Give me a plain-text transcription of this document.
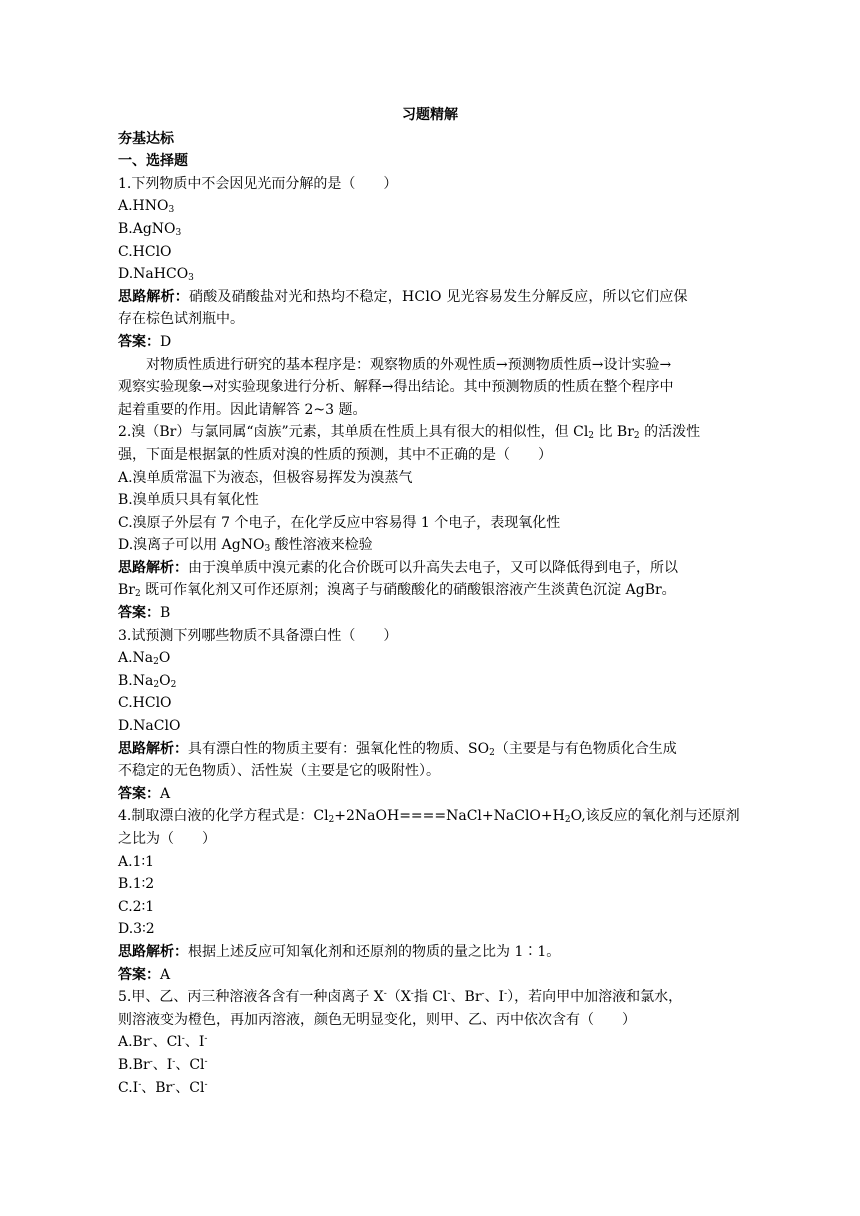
习题精解
夯基达标
一、选择题
1.下列物质中不会因见光而分解的是（　　）
$A.HNO_3$
B.AgNO$_3$
C.HClO
D.NaHCO$_3$
思路解析：硝酸及硝酸盐对光和热均不稳定，HClO 见光容易发生分解反应，所以它们应保
存在棕色试剂瓶中。
答案：D
对物质性质进行研究的基本程序是：观察物质的外观性质→预测物质性质→设计实验→
观察实验现象→对实验现象进行分析、解释→得出结论。其中预测物质的性质在整个程序中
起着重要的作用。因此请解答 2~3 题。
2.溴（Br）与氯同属“卤族”元素，其单质在性质上具有很大的相似性，但 $Cl_2$ 比 $Br_2$ 的活泼性
强，下面是根据氯的性质对溴的性质的预测，其中不正确的是（　　）
A.溴单质常温下为液态，但极容易挥发为溴蒸气
B.溴单质只具有氧化性
C.溴原子外层有 7 个电子，在化学反应中容易得 1 个电子，表现氧化性
D.溴离子可以用 AgNO$_3$ 酸性溶液来检验
思路解析：由于溴单质中溴元素的化合价既可以升高失去电子，又可以降低得到电子，所以
$Br_2$ 既可作氧化剂又可作还原剂；溴离子与硝酸酸化的硝酸银溶液产生淡黄色沉淀 AgBr。
答案：B
3.试预测下列哪些物质不具备漂白性（　　）
$A.Na_2O$
$B.Na_2O_2$
C.HClO
D.NaClO
思路解析：具有漂白性的物质主要有：强氧化性的物质、$SO_2$（主要是与有色物质化合生成
不稳定的无色物质）、活性炭（主要是它的吸附性）。
答案：A
4.制取漂白液的化学方程式是：$Cl_2+2NaOH====NaCl+NaClO+H_2O$,该反应的氧化剂与还原剂
之比为（　　）
A.1∶1
B.1∶2
C.2∶1
D.3∶2
思路解析：根据上述反应可知氧化剂和还原剂的物质的量之比为 1∶1。
答案：A
5.甲、乙、丙三种溶液各含有一种卤离子 X-（X-指 Cl-、Br-、I-），若向甲中加溶液和氯水，
则溶液变为橙色，再加丙溶液，颜色无明显变化，则甲、乙、丙中依次含有（　　）
A.Br-、Cl-、I-
B.Br-、I-、Cl-
C.I-、Br-、Cl-
